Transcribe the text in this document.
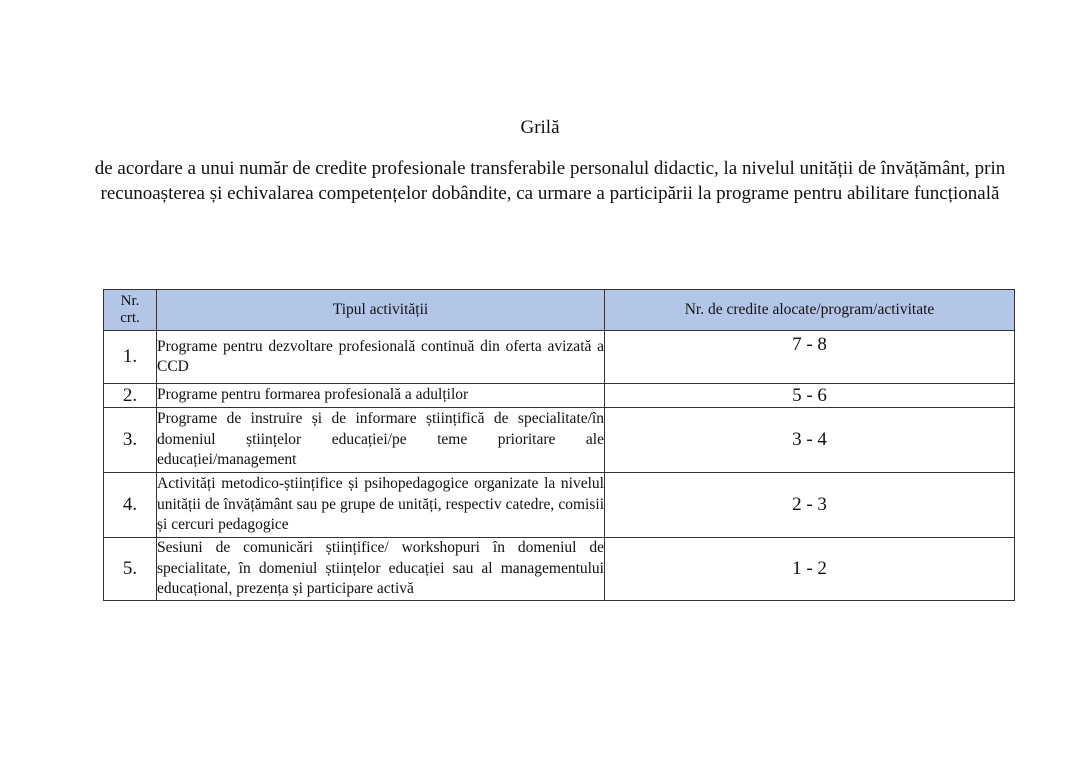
Grilă
de acordare a unui număr de credite profesionale transferabile personalul didactic, la nivelul unității de învățământ, prin recunoașterea și echivalarea competențelor dobândite, ca urmare a participării la programe pentru abilitare funcțională
Nr.
crt.	Tipul activității	Nr. de credite alocate/program/activitate
1.	Programe pentru dezvoltare profesională continuă din oferta avizată a CCD	7 - 8
2.	Programe pentru formarea profesională a adulților	5 - 6
3.	Programe de instruire și de informare științifică de specialitate/în domeniul științelor educației/pe teme prioritare ale educației/management	3 - 4
4.	Activități metodico-științifice și psihopedagogice organizate la nivelul unității de învățământ sau pe grupe de unități, respectiv catedre, comisii și cercuri pedagogice	2 - 3
5.	Sesiuni de comunicări științifice/ workshopuri în domeniul de specialitate, în domeniul științelor educației sau al managementului educațional, prezența și participare activă	1 - 2
